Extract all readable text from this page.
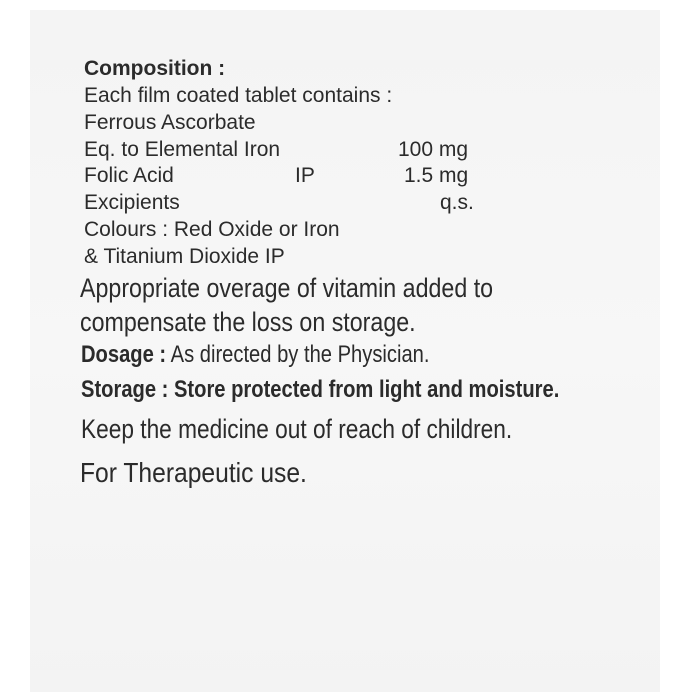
Composition :
Each film coated tablet contains :
Ferrous Ascorbate
Eq. to Elemental Iron	100 mg
Folic Acid	IP	1.5 mg
Excipients	q.s.
Colours : Red Oxide or Iron
& Titanium Dioxide IP
Appropriate overage of vitamin added to
compensate the loss on storage.
Dosage : As directed by the Physician.
Storage : Store protected from light and moisture.
Keep the medicine out of reach of children.
For Therapeutic use.
